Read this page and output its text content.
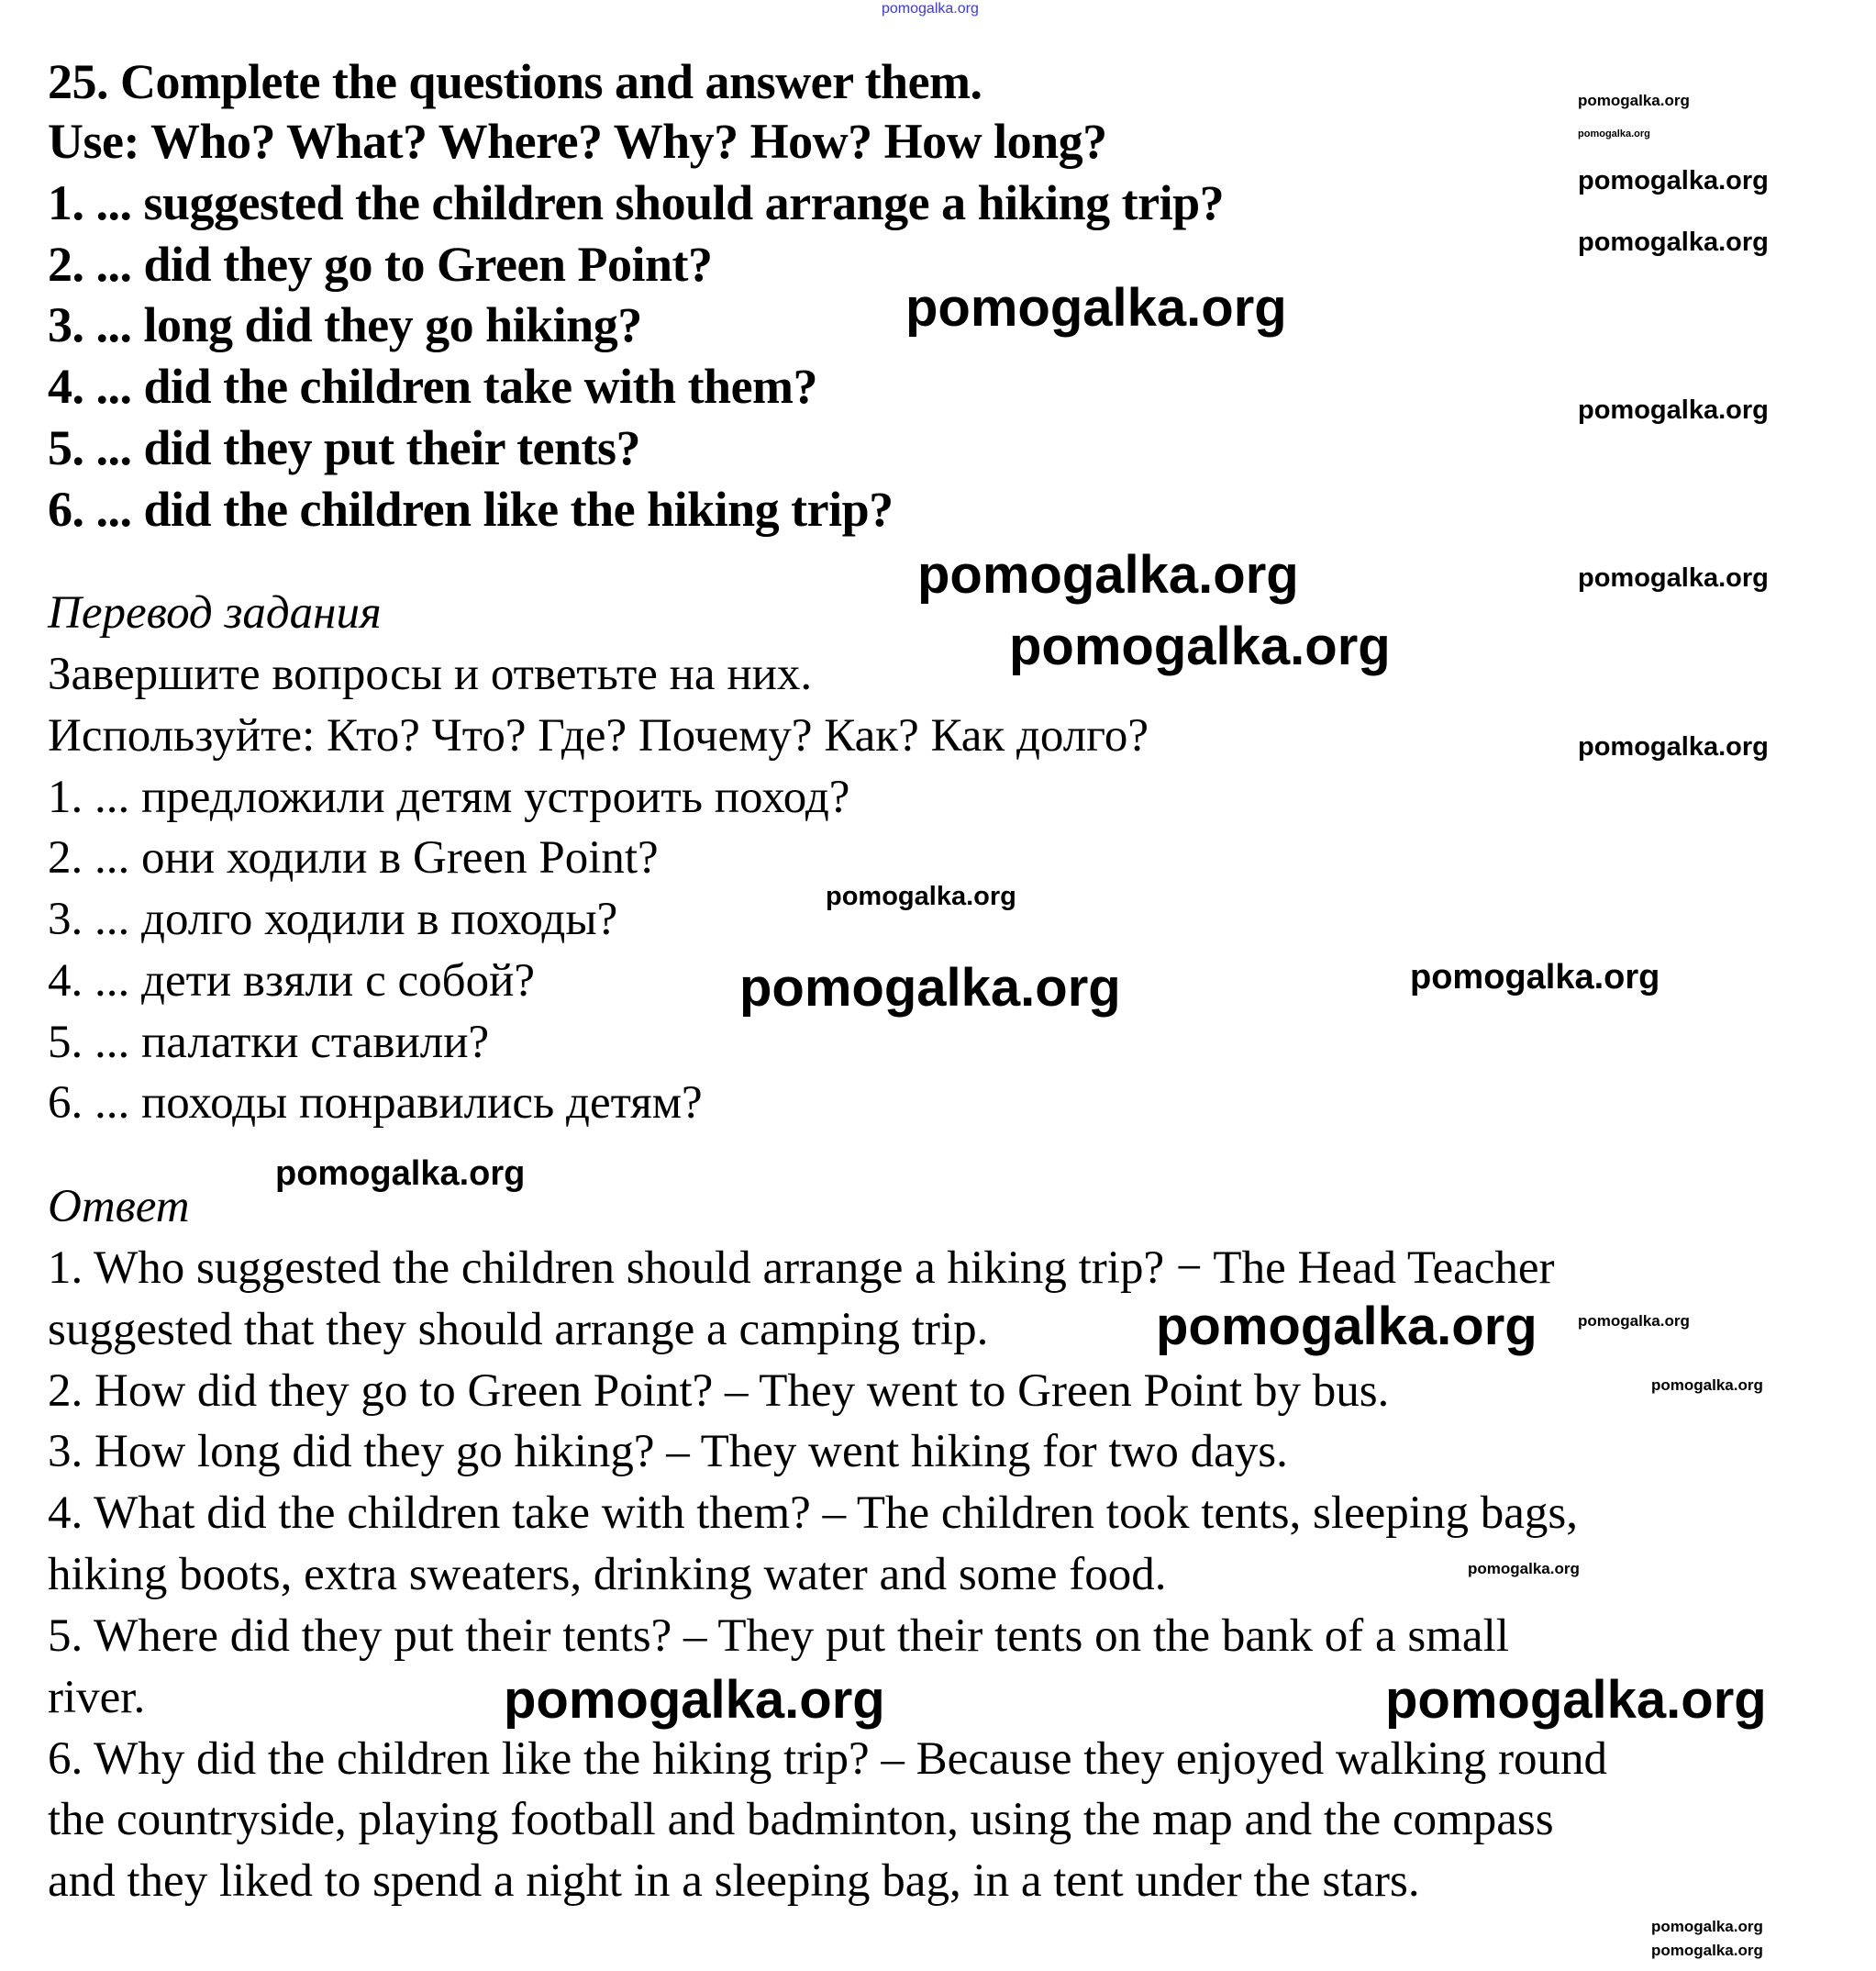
25. Complete the questions and answer them.
Use: Who? What? Where? Why? How? How long?
1. ... suggested the children should arrange a hiking trip?
2. ... did they go to Green Point?
3. ... long did they go hiking?
4. ... did the children take with them?
5. ... did they put their tents?
6. ... did the children like the hiking trip?
Перевод задания
Завершите вопросы и ответьте на них.
Используйте: Кто? Что? Где? Почему? Как? Как долго?
1. ... предложили детям устроить поход?
2. ... они ходили в Green Point?
3. ... долго ходили в походы?
4. ... дети взяли с собой?
5. ... палатки ставили?
6. ... походы понравились детям?
Ответ
1. Who suggested the children should arrange a hiking trip? − The Head Teacher
suggested that they should arrange a camping trip.
2. How did they go to Green Point? – They went to Green Point by bus.
3. How long did they go hiking? – They went hiking for two days.
4. What did the children take with them? – The children took tents, sleeping bags,
hiking boots, extra sweaters, drinking water and some food.
5. Where did they put their tents? – They put their tents on the bank of a small
river.
6. Why did the children like the hiking trip? – Because they enjoyed walking round
the countryside, playing football and badminton, using the map and the compass
and they liked to spend a night in a sleeping bag, in a tent under the stars.
pomogalka.org
pomogalka.org
pomogalka.org
pomogalka.org
pomogalka.org
pomogalka.org
pomogalka.org
pomogalka.org	pomogalka.org
pomogalka.org
pomogalka.org
pomogalka.org
pomogalka.org	pomogalka.org
pomogalka.org
pomogalka.org
pomogalka.org
pomogalka.org
pomogalka.org
pomogalka.org	pomogalka.org
pomogalka.org
pomogalka.org
